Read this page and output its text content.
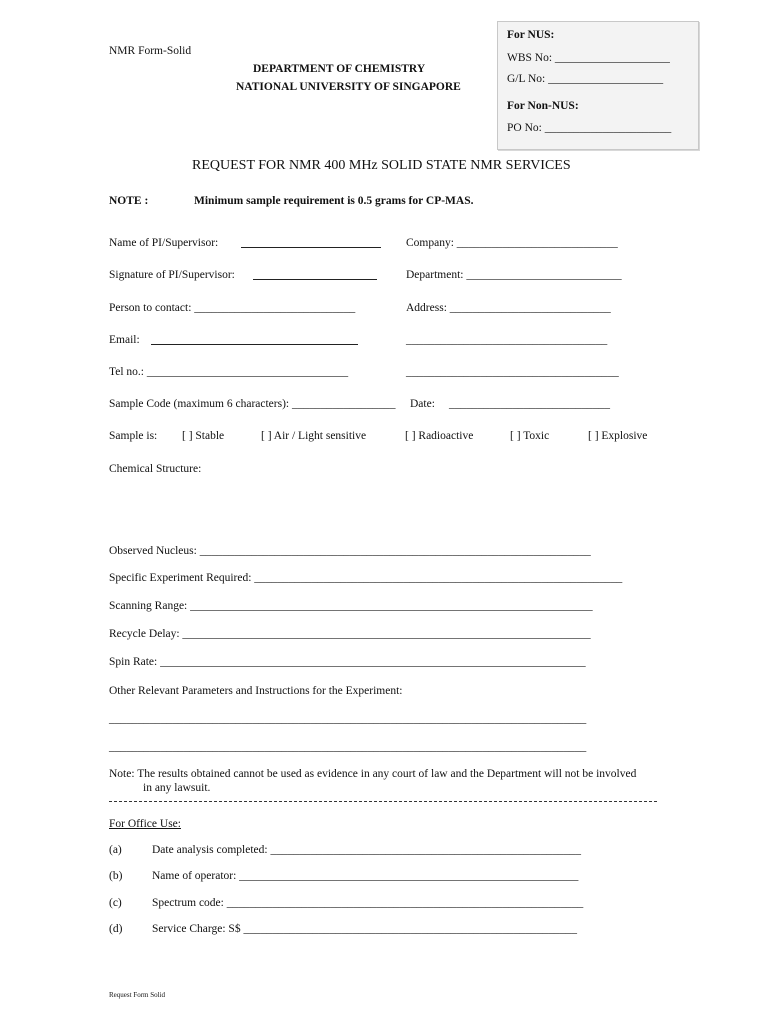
NMR Form-Solid
DEPARTMENT OF CHEMISTRY
NATIONAL UNIVERSITY OF SINGAPORE
For NUS:
WBS No: ____________________
G/L No: ____________________
For Non-NUS:
PO No: ______________________
REQUEST FOR NMR 400 MHz SOLID STATE NMR SERVICES
NOTE :	Minimum sample requirement is 0.5 grams for CP-MAS.
Name of PI/Supervisor:	Company: ____________________________
Signature of PI/Supervisor:	Department: ___________________________
Person to contact: ____________________________	Address: ____________________________
Email:	___________________________________
Tel no.: ___________________________________	_____________________________________
Sample Code (maximum 6 characters): __________________ Date: ____________________________
Sample is: [ ] Stable	[ ] Air / Light sensitive	[ ] Radioactive	[ ] Toxic	[ ] Explosive
Chemical Structure:
Observed Nucleus: ____________________________________________________________________
Specific Experiment Required: ________________________________________________________________
Scanning Range: ______________________________________________________________________
Recycle Delay: _______________________________________________________________________
Spin Rate: __________________________________________________________________________
Other Relevant Parameters and Instructions for the Experiment:
___________________________________________________________________________________
___________________________________________________________________________________
Note: The results obtained cannot be used as evidence in any court of law and the Department will not be involved
in any lawsuit.
For Office Use:
(a)	Date analysis completed: ______________________________________________________
(b)	Name of operator: ___________________________________________________________
(c)	Spectrum code: ______________________________________________________________
(d)	Service Charge: S$ __________________________________________________________
Request Form Solid
